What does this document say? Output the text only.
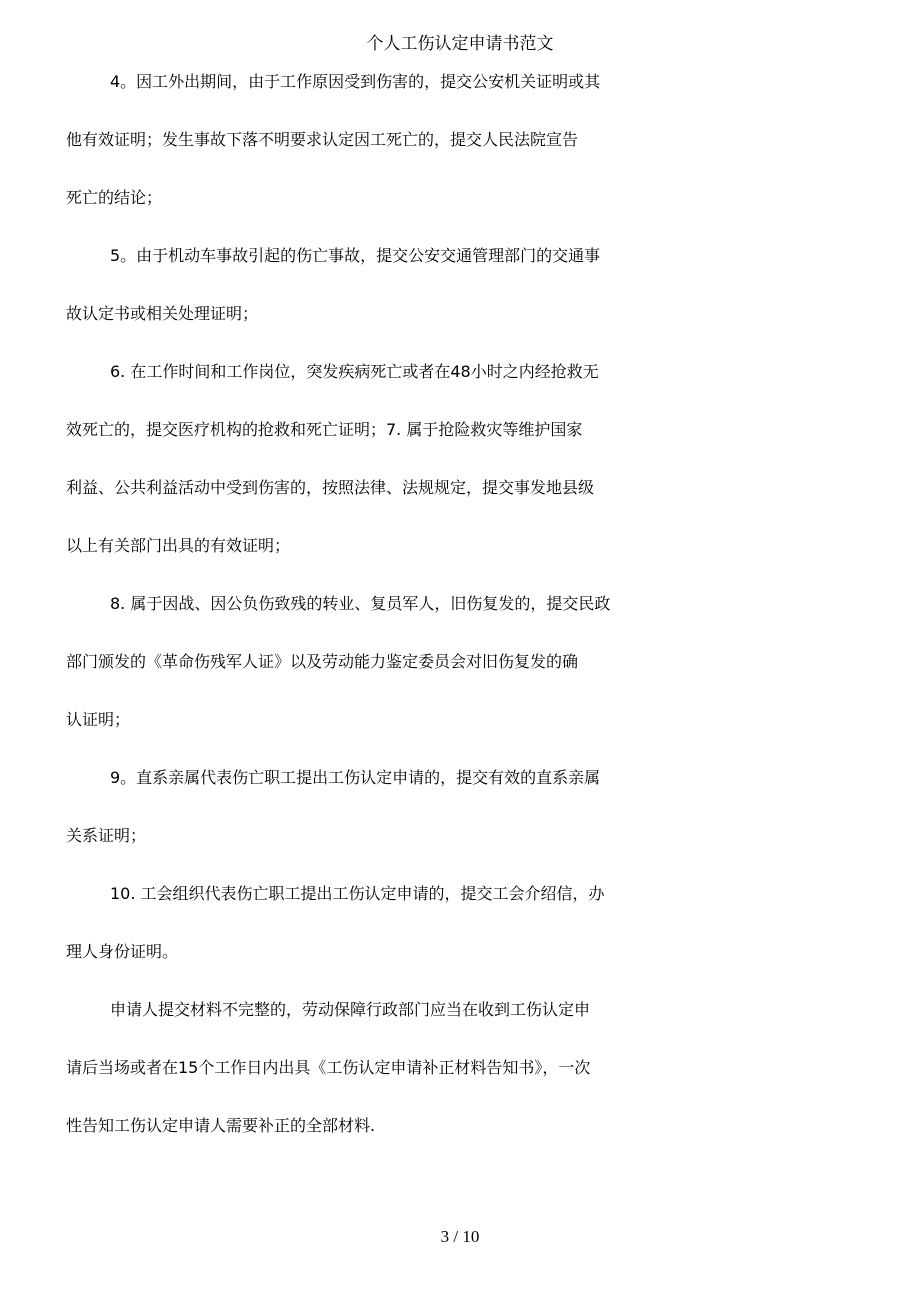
个人工伤认定申请书范文
4。因工外出期间，由于工作原因受到伤害的，提交公安机关证明或其
他有效证明；发生事故下落不明要求认定因工死亡的，提交人民法院宣告
死亡的结论；
5。由于机动车事故引起的伤亡事故，提交公安交通管理部门的交通事
故认定书或相关处理证明；
6. 在工作时间和工作岗位，突发疾病死亡或者在48小时之内经抢救无
效死亡的，提交医疗机构的抢救和死亡证明；7. 属于抢险救灾等维护国家
利益、公共利益活动中受到伤害的，按照法律、法规规定，提交事发地县级
以上有关部门出具的有效证明；
8. 属于因战、因公负伤致残的转业、复员军人，旧伤复发的，提交民政
部门颁发的《革命伤残军人证》以及劳动能力鉴定委员会对旧伤复发的确
认证明；
9。直系亲属代表伤亡职工提出工伤认定申请的，提交有效的直系亲属
关系证明；
10. 工会组织代表伤亡职工提出工伤认定申请的，提交工会介绍信，办
理人身份证明。
申请人提交材料不完整的，劳动保障行政部门应当在收到工伤认定申
请后当场或者在15个工作日内出具《工伤认定申请补正材料告知书》，一次
性告知工伤认定申请人需要补正的全部材料.
3 / 10
